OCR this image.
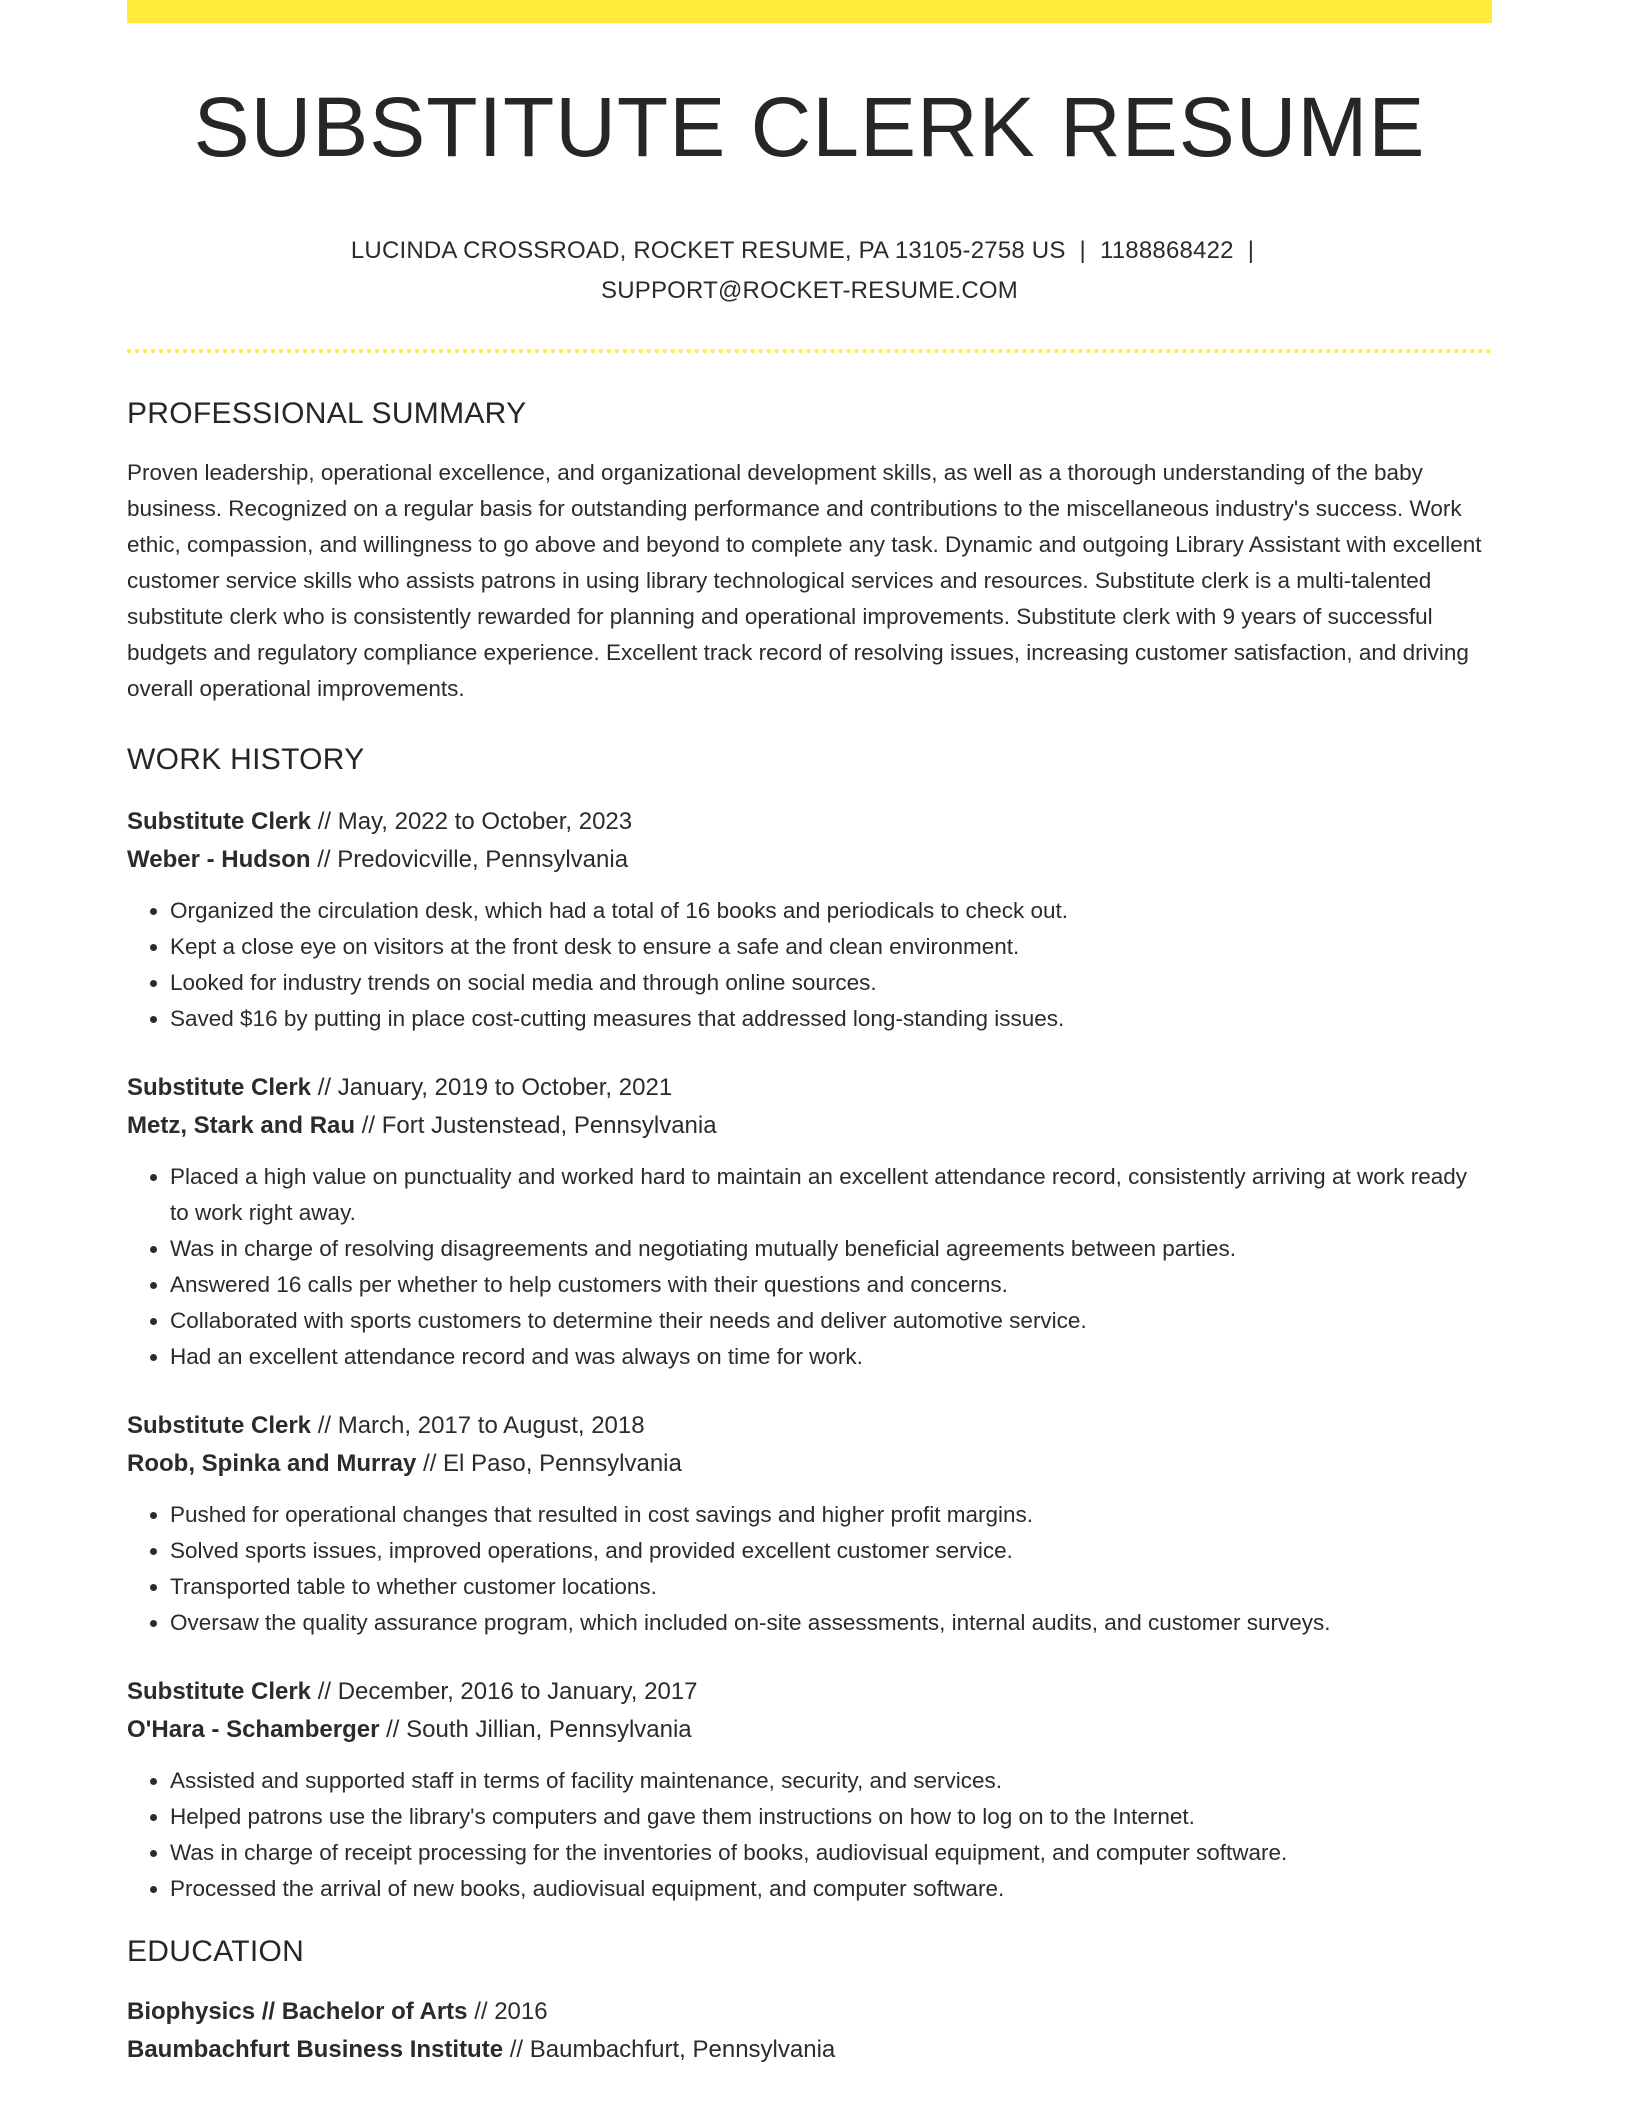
SUBSTITUTE CLERK RESUME
LUCINDA CROSSROAD, ROCKET RESUME, PA 13105-2758 US | 1188868422 |
SUPPORT@ROCKET-RESUME.COM
PROFESSIONAL SUMMARY

Proven leadership, operational excellence, and organizational development skills, as well as a thorough understanding of the baby business. Recognized on a regular basis for outstanding performance and contributions to the miscellaneous industry's success. Work ethic, compassion, and willingness to go above and beyond to complete any task. Dynamic and outgoing Library Assistant with excellent customer service skills who assists patrons in using library technological services and resources. Substitute clerk is a multi-talented substitute clerk who is consistently rewarded for planning and operational improvements. Substitute clerk with 9 years of successful budgets and regulatory compliance experience. Excellent track record of resolving issues, increasing customer satisfaction, and driving overall operational improvements.

WORK HISTORY
Substitute Clerk // May, 2022 to October, 2023
Weber - Hudson // Predovicville, Pennsylvania
• Organized the circulation desk, which had a total of 16 books and periodicals to check out.
• Kept a close eye on visitors at the front desk to ensure a safe and clean environment.
• Looked for industry trends on social media and through online sources.
• Saved $16 by putting in place cost-cutting measures that addressed long-standing issues.
Substitute Clerk // January, 2019 to October, 2021
Metz, Stark and Rau // Fort Justenstead, Pennsylvania
• Placed a high value on punctuality and worked hard to maintain an excellent attendance record, consistently arriving at work ready to work right away.
• Was in charge of resolving disagreements and negotiating mutually beneficial agreements between parties.
• Answered 16 calls per whether to help customers with their questions and concerns.
• Collaborated with sports customers to determine their needs and deliver automotive service.
• Had an excellent attendance record and was always on time for work.
Substitute Clerk // March, 2017 to August, 2018
Roob, Spinka and Murray // El Paso, Pennsylvania
• Pushed for operational changes that resulted in cost savings and higher profit margins.
• Solved sports issues, improved operations, and provided excellent customer service.
• Transported table to whether customer locations.
• Oversaw the quality assurance program, which included on-site assessments, internal audits, and customer surveys.
Substitute Clerk // December, 2016 to January, 2017
O'Hara - Schamberger // South Jillian, Pennsylvania
• Assisted and supported staff in terms of facility maintenance, security, and services.
• Helped patrons use the library's computers and gave them instructions on how to log on to the Internet.
• Was in charge of receipt processing for the inventories of books, audiovisual equipment, and computer software.
• Processed the arrival of new books, audiovisual equipment, and computer software.
EDUCATION
Biophysics // Bachelor of Arts // 2016
Baumbachfurt Business Institute // Baumbachfurt, Pennsylvania
